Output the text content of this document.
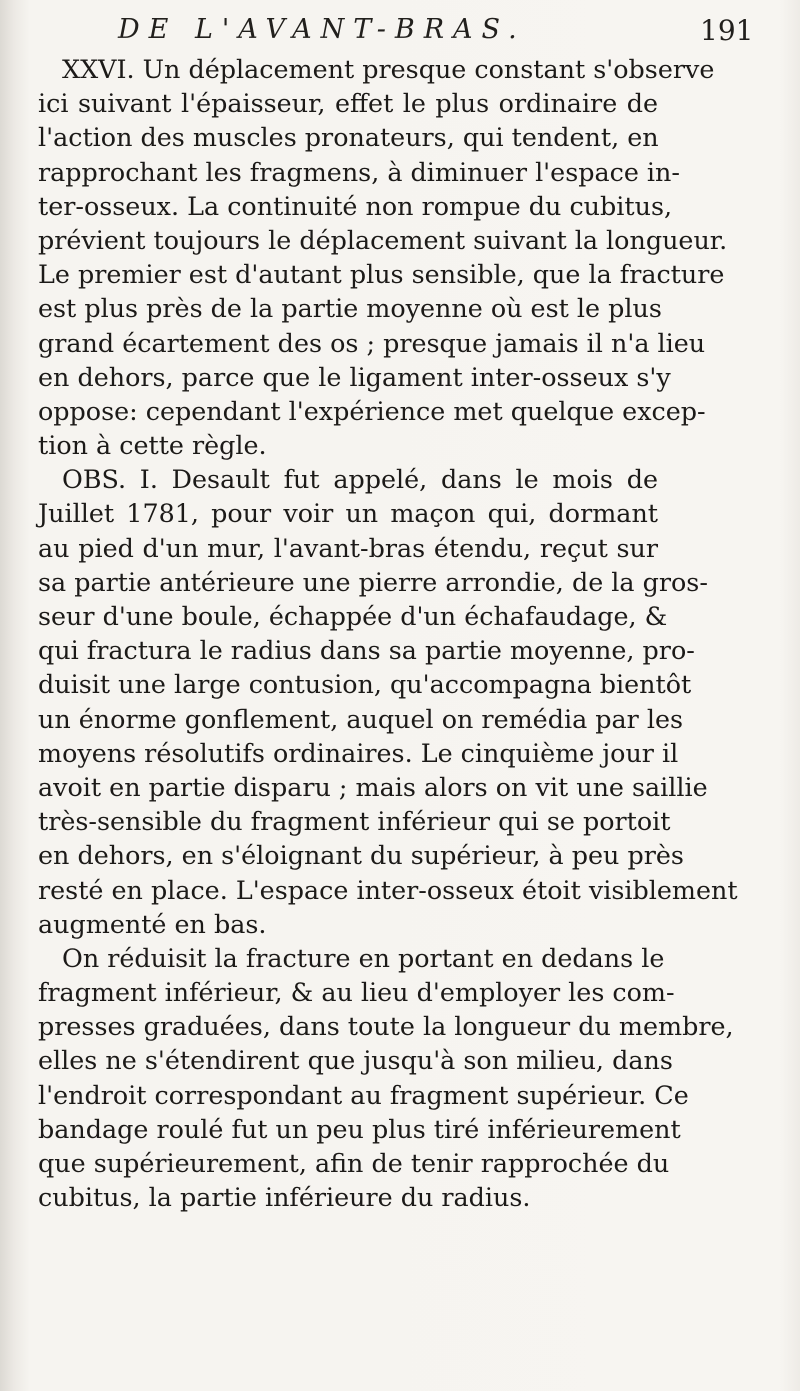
DE L'AVANT-BRAS.	191
XXVI. Un déplacement presque constant s'observe
ici suivant l'épaisseur, effet le plus ordinaire de
l'action des muscles pronateurs, qui tendent, en
rapprochant les fragmens, à diminuer l'espace in-
ter-osseux. La continuité non rompue du cubitus,
prévient toujours le déplacement suivant la longueur.
Le premier est d'autant plus sensible, que la fracture
est plus près de la partie moyenne où est le plus
grand écartement des os ; presque jamais il n'a lieu
en dehors, parce que le ligament inter-osseux s'y
oppose: cependant l'expérience met quelque excep-
tion à cette règle.
OBS. I. Desault fut appelé, dans le mois de
Juillet 1781, pour voir un maçon qui, dormant
au pied d'un mur, l'avant-bras étendu, reçut sur
sa partie antérieure une pierre arrondie, de la gros-
seur d'une boule, échappée d'un échafaudage, &
qui fractura le radius dans sa partie moyenne, pro-
duisit une large contusion, qu'accompagna bientôt
un énorme gonflement, auquel on remédia par les
moyens résolutifs ordinaires. Le cinquième jour il
avoit en partie disparu ; mais alors on vit une saillie
très-sensible du fragment inférieur qui se portoit
en dehors, en s'éloignant du supérieur, à peu près
resté en place. L'espace inter-osseux étoit visiblement
augmenté en bas.
On réduisit la fracture en portant en dedans le
fragment inférieur, & au lieu d'employer les com-
presses graduées, dans toute la longueur du membre,
elles ne s'étendirent que jusqu'à son milieu, dans
l'endroit correspondant au fragment supérieur. Ce
bandage roulé fut un peu plus tiré inférieurement
que supérieurement, afin de tenir rapprochée du
cubitus, la partie inférieure du radius.
